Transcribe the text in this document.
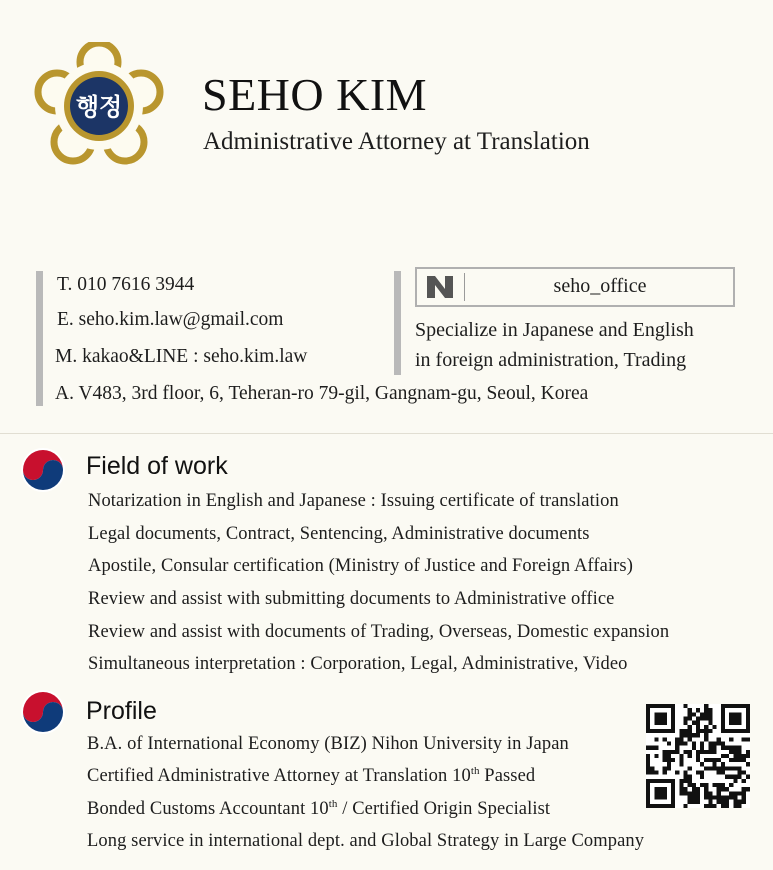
행정 SEHO KIM
Administrative Attorney at Translation
T. 010 7616 3944
E. seho.kim.law@gmail.com
M. kakao&LINE : seho.kim.law
A. V483, 3rd floor, 6, Teheran-ro 79-gil, Gangnam-gu, Seoul, Korea
seho_office
Specialize in Japanese and English
in foreign administration, Trading
Field of work
Notarization in English and Japanese : Issuing certificate of translation
Legal documents, Contract, Sentencing, Administrative documents
Apostile, Consular certification (Ministry of Justice and Foreign Affairs)
Review and assist with submitting documents to Administrative office
Review and assist with documents of Trading, Overseas, Domestic expansion
Simultaneous interpretation : Corporation, Legal, Administrative, Video
Profile
B.A. of International Economy (BIZ) Nihon University in Japan
Certified Administrative Attorney at Translation 10th Passed
Bonded Customs Accountant 10th / Certified Origin Specialist
Long service in international dept. and Global Strategy in Large Company
